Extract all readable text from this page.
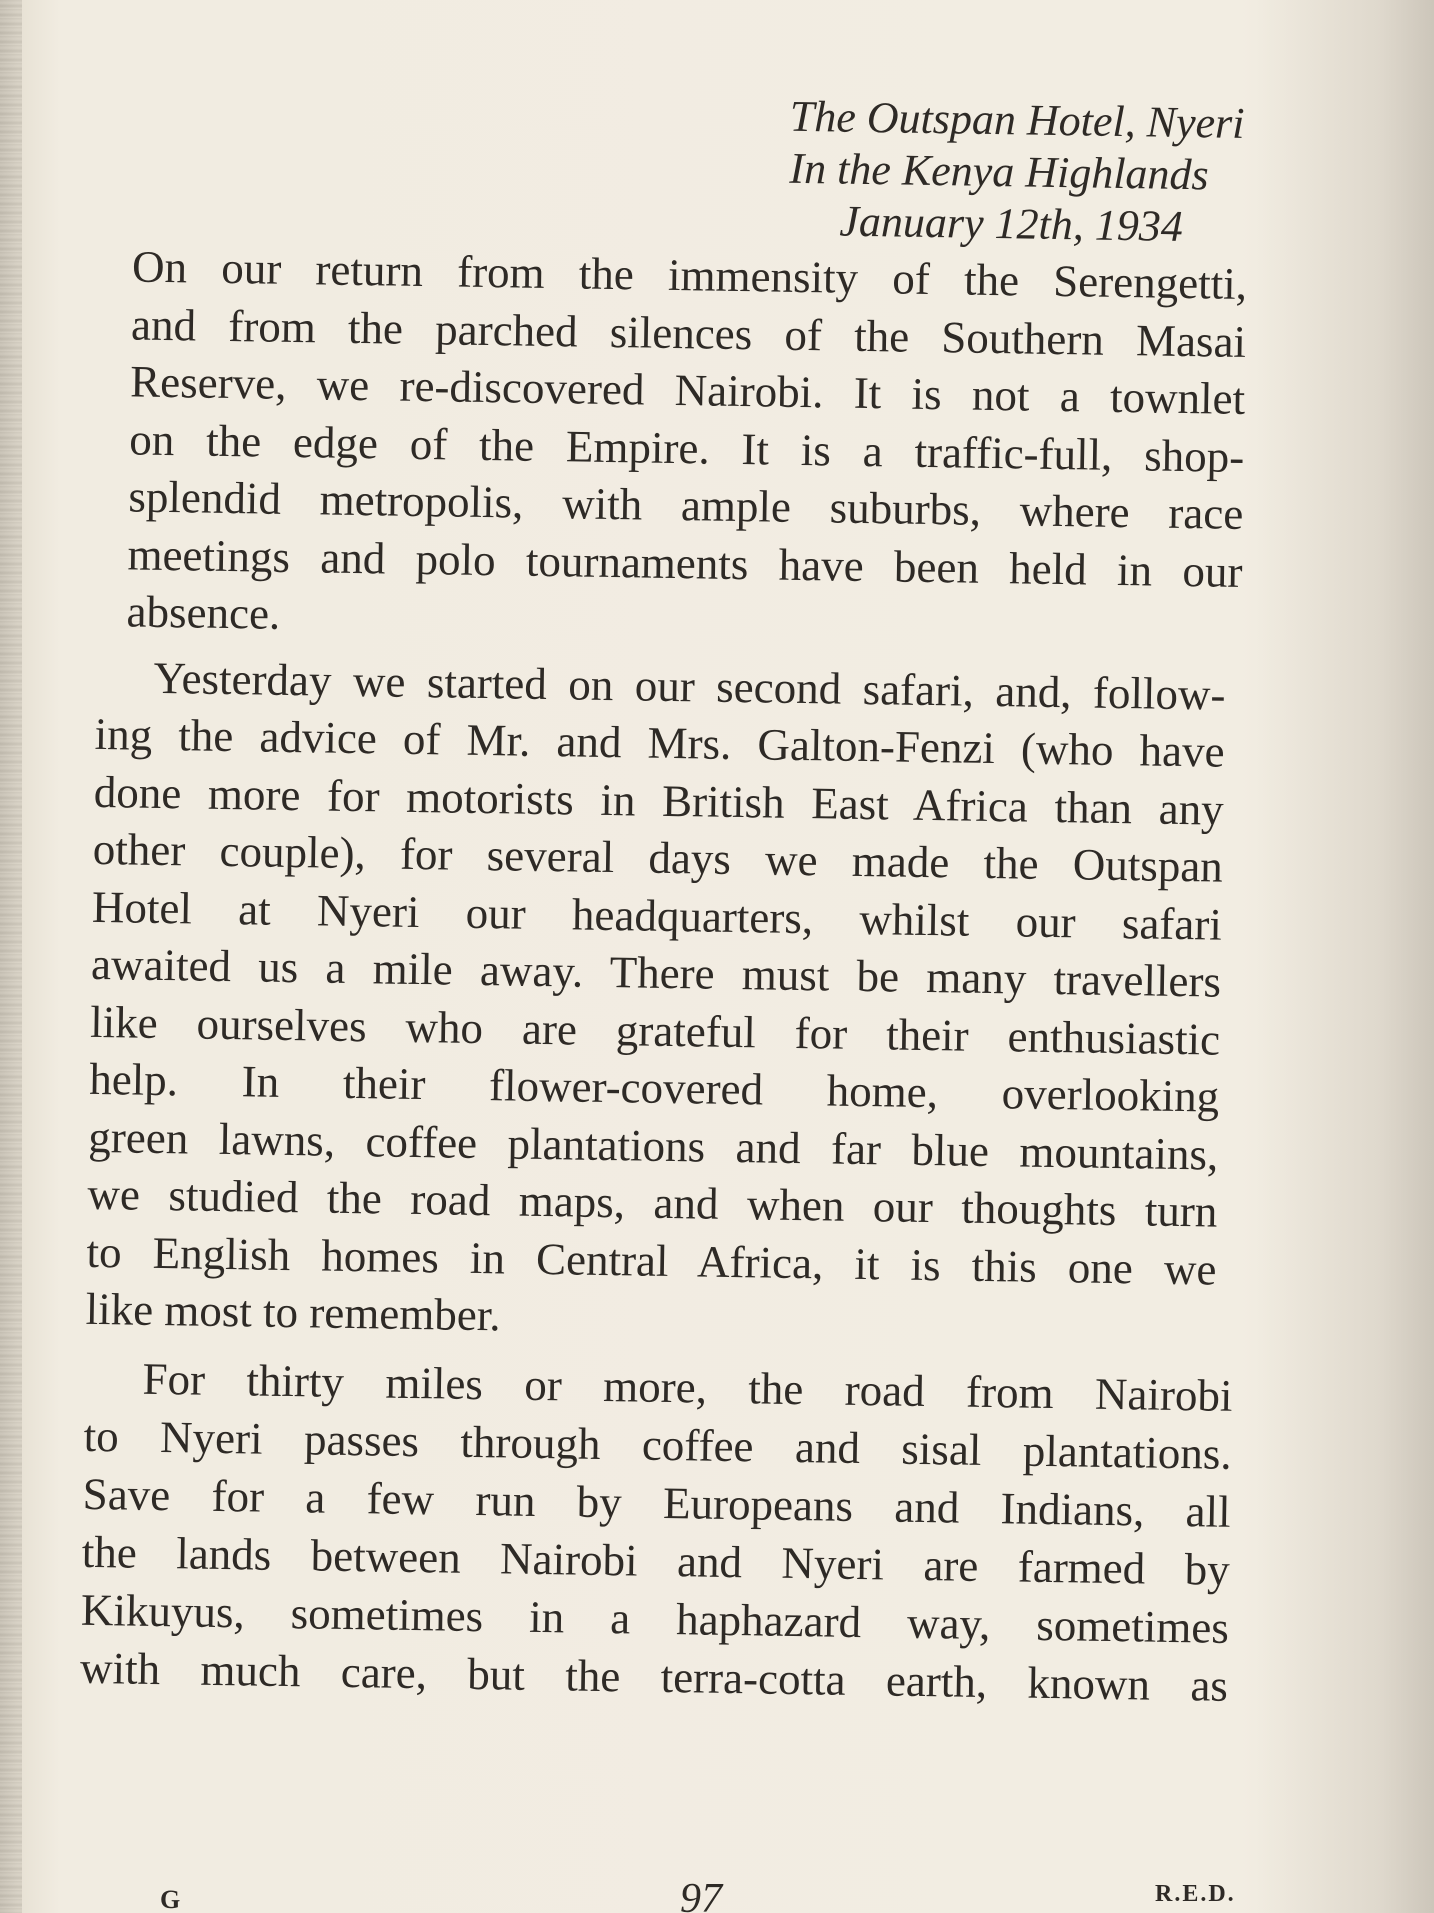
The Outspan Hotel, Nyeri
In the Kenya Highlands
January 12th, 1934
On our return from the immensity of the Serengetti,
and from the parched silences of the Southern Masai
Reserve, we re-discovered Nairobi. It is not a townlet
on the edge of the Empire. It is a traffic-full, shop-
splendid metropolis, with ample suburbs, where race
meetings and polo tournaments have been held in our
absence.
Yesterday we started on our second safari, and, follow-
ing the advice of Mr. and Mrs. Galton-Fenzi (who have
done more for motorists in British East Africa than any
other couple), for several days we made the Outspan
Hotel at Nyeri our headquarters, whilst our safari
awaited us a mile away. There must be many travellers
like ourselves who are grateful for their enthusiastic
help. In their flower-covered home, overlooking
green lawns, coffee plantations and far blue mountains,
we studied the road maps, and when our thoughts turn
to English homes in Central Africa, it is this one we
like most to remember.
For thirty miles or more, the road from Nairobi
to Nyeri passes through coffee and sisal plantations.
Save for a few run by Europeans and Indians, all
the lands between Nairobi and Nyeri are farmed by
Kikuyus, sometimes in a haphazard way, sometimes
with much care, but the terra-cotta earth, known as
G	97	R.E.D.
